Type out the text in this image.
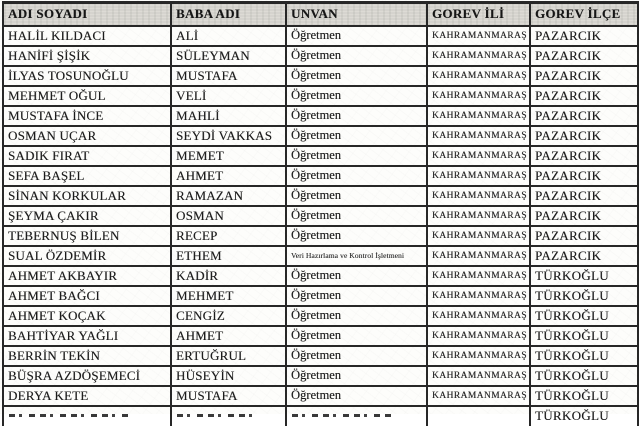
ADI SOYADI	BABA ADI	UNVAN	GOREV İLİ	GOREV İLÇE
HALİL KILDACI	ALİ	Öğretmen	KAHRAMANMARAŞ	PAZARCIK
HANİFİ ŞİŞİK	SÜLEYMAN	Öğretmen	KAHRAMANMARAŞ	PAZARCIK
İLYAS TOSUNOĞLU	MUSTAFA	Öğretmen	KAHRAMANMARAŞ	PAZARCIK
MEHMET OĞUL	VELİ	Öğretmen	KAHRAMANMARAŞ	PAZARCIK
MUSTAFA İNCE	MAHLİ	Öğretmen	KAHRAMANMARAŞ	PAZARCIK
OSMAN UÇAR	SEYDİ VAKKAS	Öğretmen	KAHRAMANMARAŞ	PAZARCIK
SADIK FIRAT	MEMET	Öğretmen	KAHRAMANMARAŞ	PAZARCIK
SEFA BAŞEL	AHMET	Öğretmen	KAHRAMANMARAŞ	PAZARCIK
SİNAN KORKULAR	RAMAZAN	Öğretmen	KAHRAMANMARAŞ	PAZARCIK
ŞEYMA ÇAKIR	OSMAN	Öğretmen	KAHRAMANMARAŞ	PAZARCIK
TEBERNUŞ BİLEN	RECEP	Öğretmen	KAHRAMANMARAŞ	PAZARCIK
SUAL ÖZDEMİR	ETHEM	Veri Hazırlama ve Kontrol İşletmeni	KAHRAMANMARAŞ	PAZARCIK
AHMET AKBAYIR	KADİR	Öğretmen	KAHRAMANMARAŞ	TÜRKOĞLU
AHMET BAĞCI	MEHMET	Öğretmen	KAHRAMANMARAŞ	TÜRKOĞLU
AHMET KOÇAK	CENGİZ	Öğretmen	KAHRAMANMARAŞ	TÜRKOĞLU
BAHTİYAR YAĞLI	AHMET	Öğretmen	KAHRAMANMARAŞ	TÜRKOĞLU
BERRİN TEKİN	ERTUĞRUL	Öğretmen	KAHRAMANMARAŞ	TÜRKOĞLU
BÜŞRA AZDÖŞEMECİ	HÜSEYİN	Öğretmen	KAHRAMANMARAŞ	TÜRKOĞLU
DERYA KETE	MUSTAFA	Öğretmen	KAHRAMANMARAŞ	TÜRKOĞLU
				TÜRKOĞLU
